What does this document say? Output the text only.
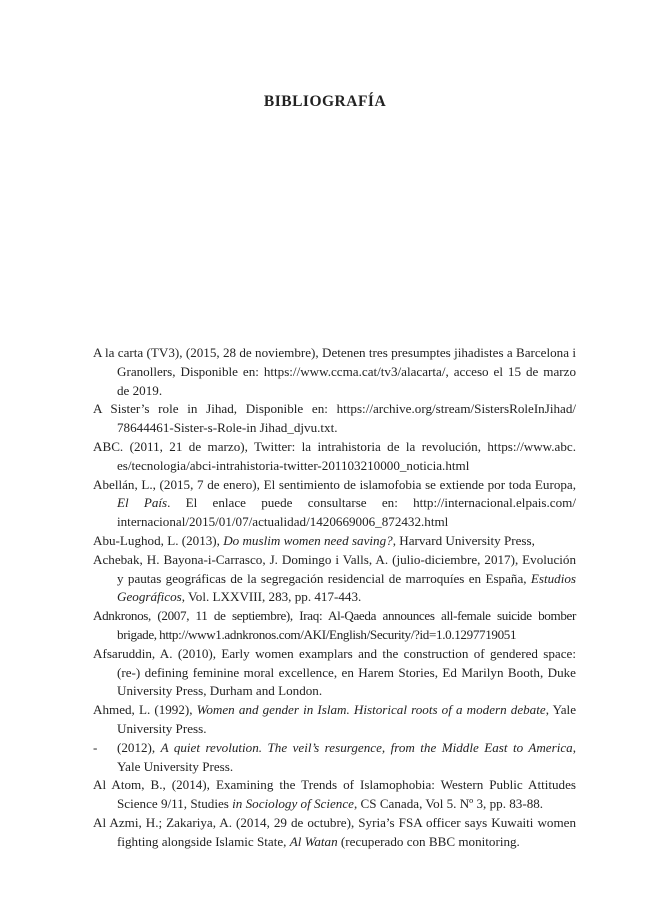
BIBLIOGRAFÍA

A la carta (TV3), (2015, 28 de noviembre), Detenen tres presumptes jihadistes a Barcelona i Granollers, Disponible en: https://www.ccma.cat/tv3/alacarta/, acceso el 15 de marzo de 2019.

A Sister’s role in Jihad, Disponible en: https://archive.org/stream/SistersRoleInJihad/ 78644461-Sister-s-Role-in Jihad_djvu.txt.

ABC. (2011, 21 de marzo), Twitter: la intrahistoria de la revolución, https://www.abc. es/tecnologia/abci-intrahistoria-twitter-201103210000_noticia.html

Abellán, L., (2015, 7 de enero), El sentimiento de islamofobia se extiende por toda Europa, El País. El enlace puede consultarse en: http://internacional.elpais.com/ internacional/2015/01/07/actualidad/1420669006_872432.html

Abu-Lughod, L. (2013), Do muslim women need saving?, Harvard University Press,

Achebak, H. Bayona-i-Carrasco, J. Domingo i Valls, A. (julio-diciembre, 2017), Evolución y pautas geográficas de la segregación residencial de marroquíes en España, Estudios Geográficos, Vol. LXXVIII, 283, pp. 417-443.

Adnkronos, (2007, 11 de septiembre), Iraq: Al-Qaeda announces all-female suicide bomber brigade, http://www1.adnkronos.com/AKI/English/Security/?id=1.0.1297719051

Afsaruddin, A. (2010), Early women examplars and the construction of gendered space: (re-) defining feminine moral excellence, en Harem Stories, Ed Marilyn Booth, Duke University Press, Durham and London.

Ahmed, L. (1992), Women and gender in Islam. Historical roots of a modern debate, Yale University Press.

- (2012), A quiet revolution. The veil’s resurgence, from the Middle East to America, Yale University Press.

Al Atom, B., (2014), Examining the Trends of Islamophobia: Western Public Attitudes Science 9/11, Studies in Sociology of Science, CS Canada, Vol 5. Nº 3, pp. 83-88.

Al Azmi, H.; Zakariya, A. (2014, 29 de octubre), Syria’s FSA officer says Kuwaiti women fighting alongside Islamic State, Al Watan (recuperado con BBC monitoring.
